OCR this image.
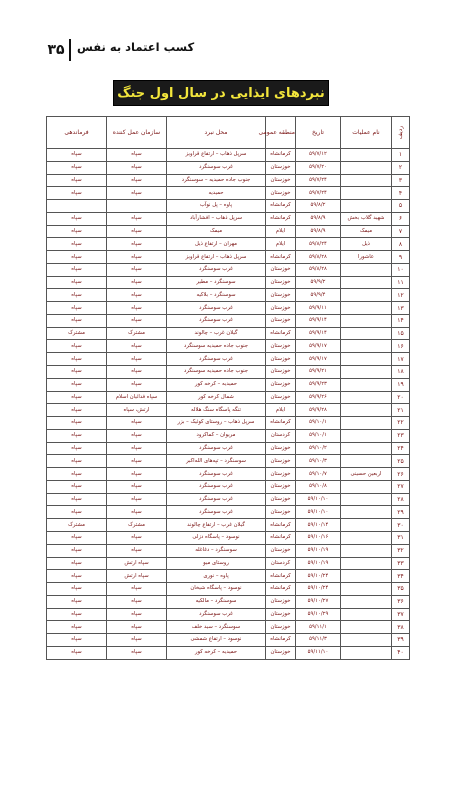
۳۵ کسب اعتماد به نفس
نبردهای ایذایی در سال اول جنگ
ردیف	نام عملیات	تاریخ	منطقه عمومی	محل نبرد	سازمان عمل کننده	فرماندهی
۱		۵۹/۷/۱۲	کرمانشاه	سرپل ذهاب – ارتفاع قراویز	سپاه	سپاه
۲		۵۹/۷/۲۰	خوزستان	غرب سوسنگرد	سپاه	سپاه
۳		۵۹/۷/۲۴	خوزستان	جنوب جاده حمیدیه – سوسنگرد	سپاه	سپاه
۴		۵۹/۷/۲۴	خوزستان	حمیدیه	سپاه	سپاه
۵		۵۹/۸/۲	کرمانشاه	پاوه – پل نوآب		
۶	شهید گلاب بخش	۵۹/۸/۹	کرمانشاه	سرپل ذهاب – افشارآباد	سپاه	سپاه
۷	میمک	۵۹/۸/۹	ایلام	میمک	سپاه	سپاه
۸	ذیل	۵۹/۸/۲۴	ایلام	مهران – ارتفاع ذیل	سپاه	سپاه
۹	عاشورا	۵۹/۸/۲۸	کرمانشاه	سرپل ذهاب – ارتفاع قراویز	سپاه	سپاه
۱۰		۵۹/۸/۲۸	خوزستان	غرب سوسنگرد	سپاه	سپاه
۱۱		۵۹/۹/۲	خوزستان	سوسنگرد – مطیر	سپاه	سپاه
۱۲		۵۹/۹/۴	خوزستان	سوسنگرد – بلاکیه	سپاه	سپاه
۱۳		۵۹/۹/۱۱	خوزستان	غرب سوسنگرد	سپاه	سپاه
۱۴		۵۹/۹/۱۴	خوزستان	غرب سوسنگرد	سپاه	سپاه
۱۵		۵۹/۹/۱۴	کرمانشاه	گیلان غرب – چالوند	مشترک	مشترک
۱۶		۵۹/۹/۱۷	خوزستان	جنوب جاده حمیدیه سوسنگرد	سپاه	سپاه
۱۷		۵۹/۹/۱۷	خوزستان	غرب سوسنگرد	سپاه	سپاه
۱۸		۵۹/۹/۲۱	خوزستان	جنوب جاده حمیدیه سوسنگرد	سپاه	سپاه
۱۹		۵۹/۹/۲۳	خوزستان	حمیدیه – کرخه کور	سپاه	سپاه
۲۰		۵۹/۹/۲۶	خوزستان	شمال کرخه کور	سپاه فدائیان اسلام	سپاه
۲۱		۵۹/۹/۲۸	ایلام	تنگه پاسگاه سنگ هلاله	ارتش، سپاه	سپاه
۲۲		۵۹/۱۰/۱	کرمانشاه	سرپل ذهاب – روستای کوئیک – بزر	سپاه	سپاه
۲۳		۵۹/۱۰/۱	کردستان	مریوان – کماکرود	سپاه	سپاه
۲۴		۵۹/۱۰/۲	خوزستان	غرب سوسنگرد	سپاه	سپاه
۲۵		۵۹/۱۰/۳	خوزستان	سوسنگرد – تپه‌های الله‌اکبر	سپاه	سپاه
۲۶	اربعین حسینی	۵۹/۱۰/۷	خوزستان	غرب سوسنگرد	سپاه	سپاه
۲۷		۵۹/۱۰/۸	خوزستان	غرب سوسنگرد	سپاه	سپاه
۲۸		۵۹/۱۰/۱۰	خوزستان	غرب سوسنگرد	سپاه	سپاه
۲۹		۵۹/۱۰/۱۰	خوزستان	غرب سوسنگرد	سپاه	سپاه
۳۰		۵۹/۱۰/۱۴	کرمانشاه	گیلان غرب – ارتفاع چالوند	مشترک	مشترک
۳۱		۵۹/۱۰/۱۶	کرمانشاه	نوسود – پاسگاه دزلی	سپاه	سپاه
۳۲		۵۹/۱۰/۱۹	خوزستان	سوسنگرد – دغاغله	سپاه	سپاه
۳۳		۵۹/۱۰/۱۹	کردستان	روستای میو	سپاه ارتش	سپاه
۳۴		۵۹/۱۰/۲۴	کرمانشاه	پاوه – نوری	سپاه ارتش	سپاه
۳۵		۵۹/۱۰/۲۴	کرمانشاه	نوسود – پاسگاه شیخان	سپاه	سپاه
۳۶		۵۹/۱۰/۲۷	خوزستان	سوسنگرد – مالکیه	سپاه	سپاه
۳۷		۵۹/۱۰/۲۹	خوزستان	غرب سوسنگرد	سپاه	سپاه
۳۸		۵۹/۱۱/۱	خوزستان	سوسنگرد – سید خلف	سپاه	سپاه
۳۹		۵۹/۱۱/۳	کرمانشاه	نوسود – ارتفاع شمشی	سپاه	سپاه
۴۰		۵۹/۱۱/۱۰	خوزستان	حمیدیه – کرخه کور	سپاه	سپاه
